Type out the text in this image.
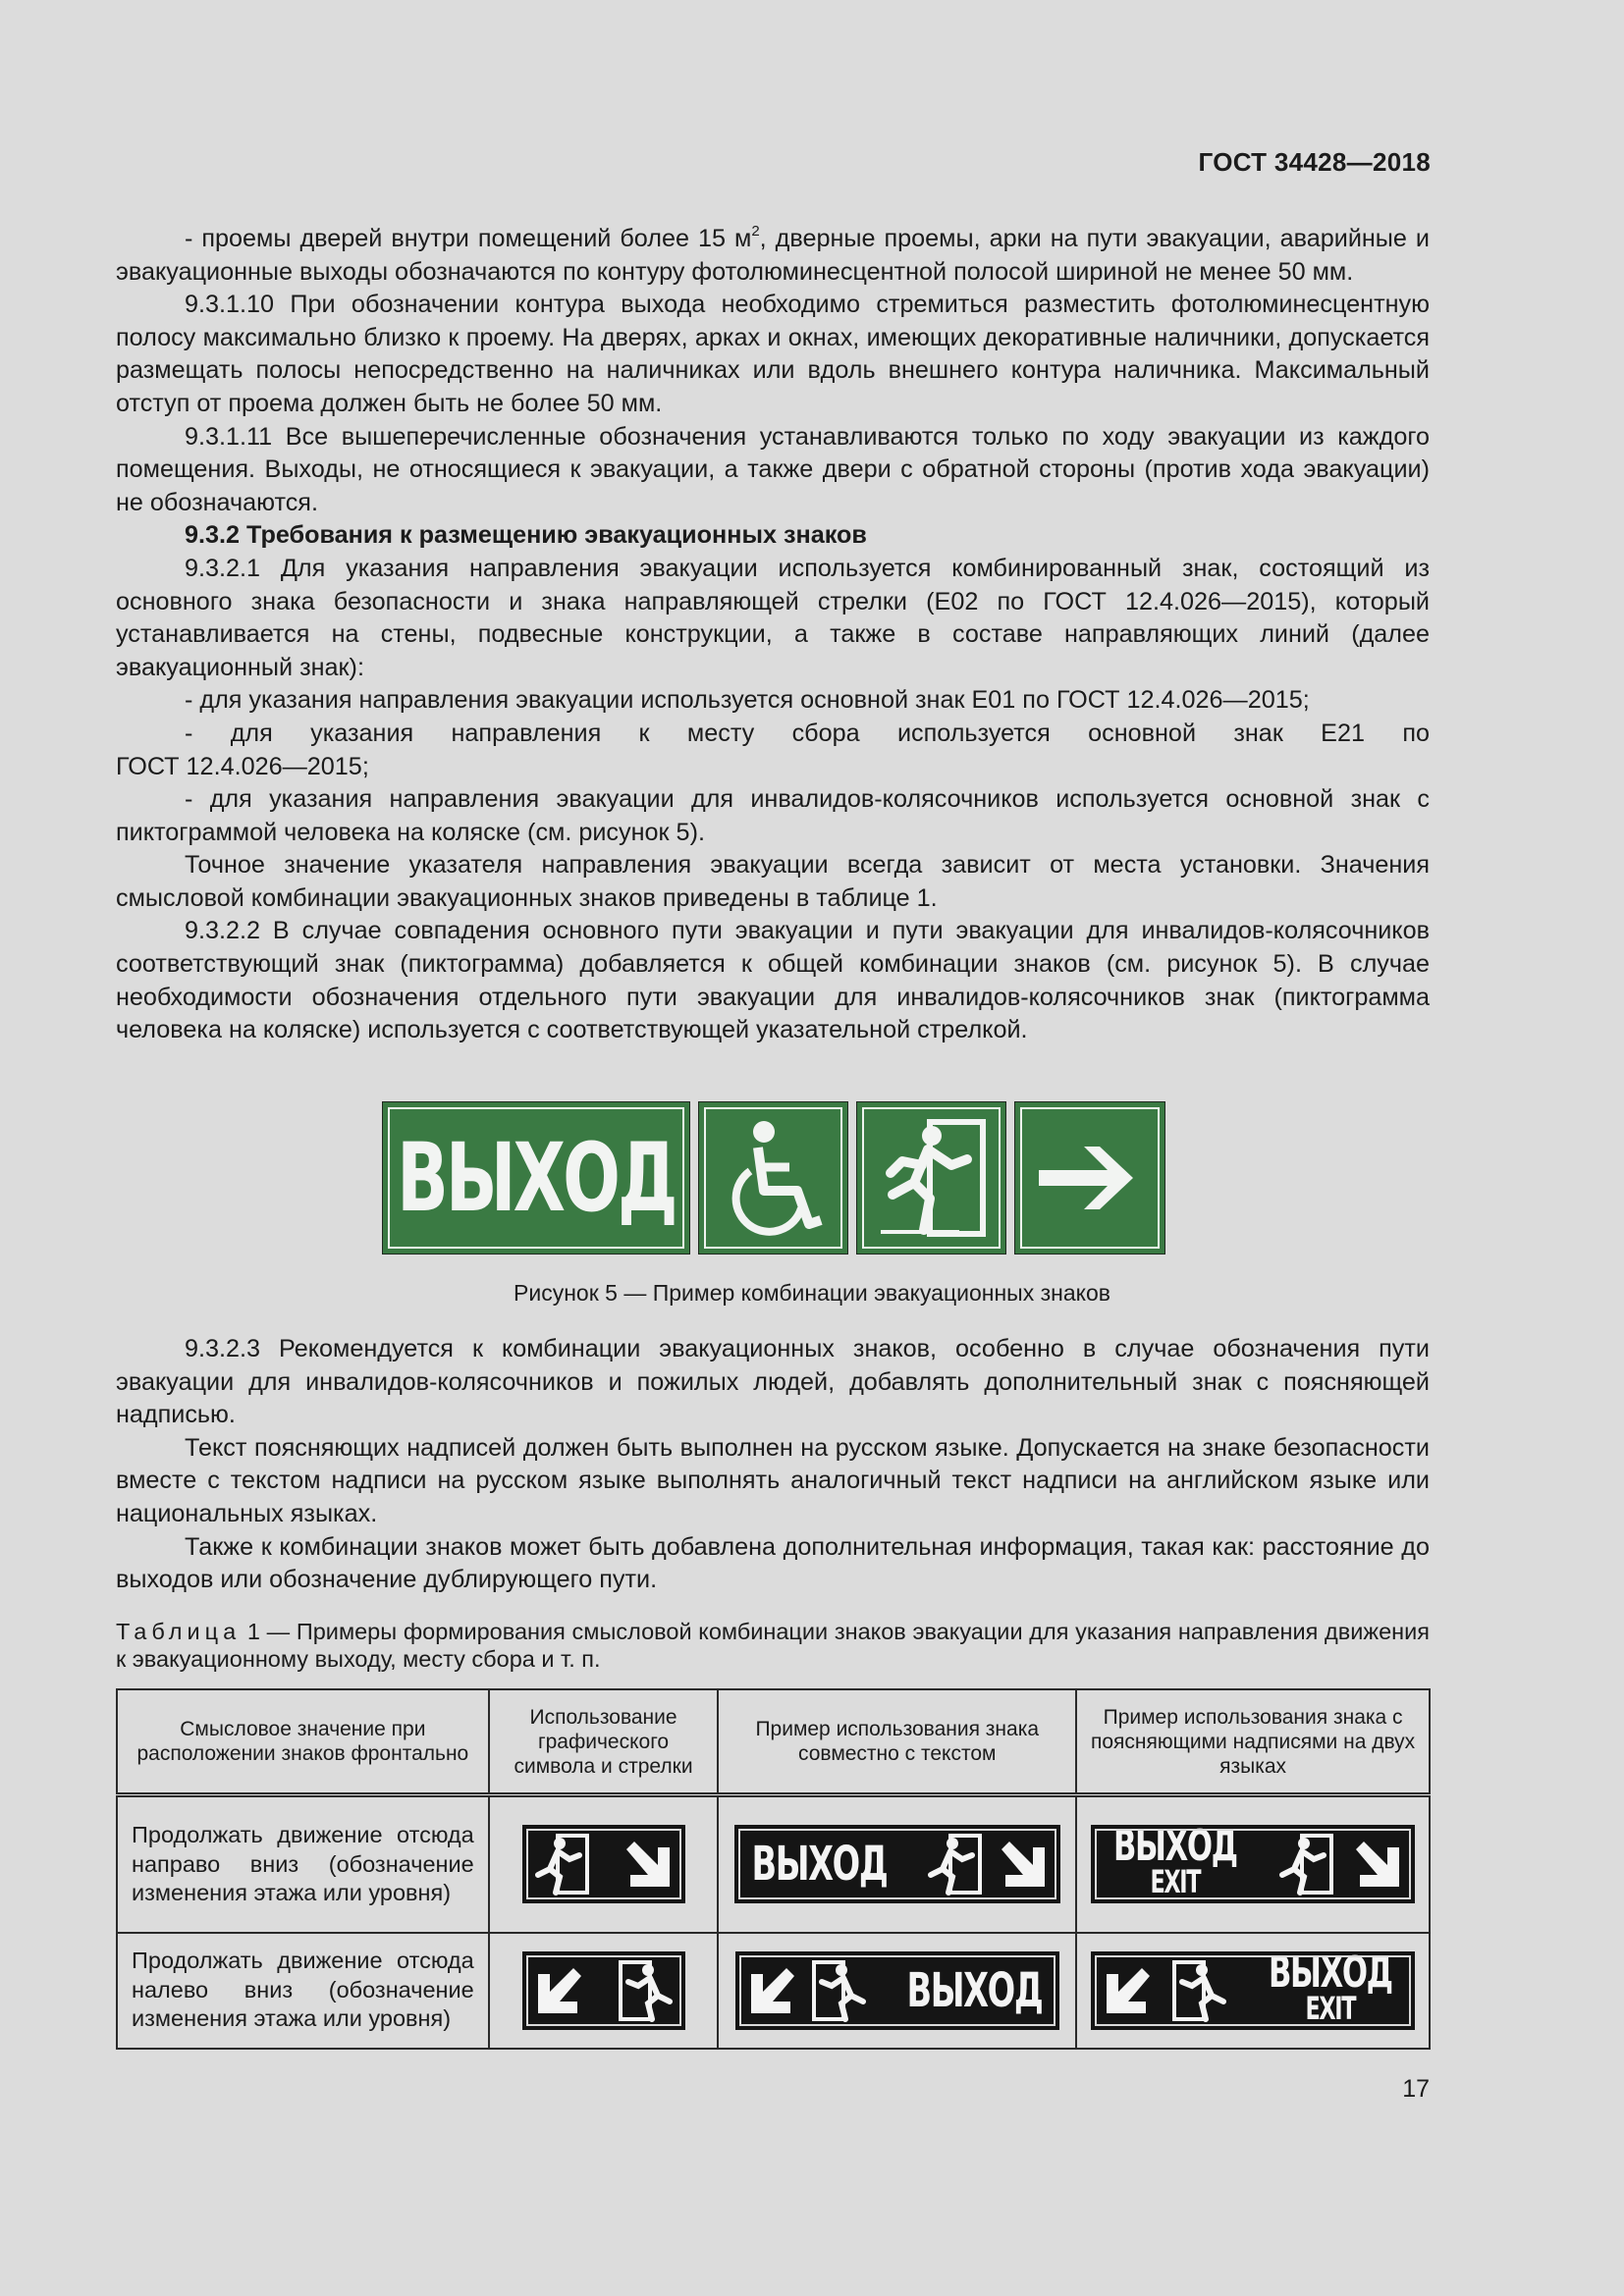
ГОСТ 34428—2018

- проемы дверей внутри помещений более 15 $м^2$, дверные проемы, арки на пути эвакуации, аварийные и эвакуационные выходы обозначаются по контуру фотолюминесцентной полосой шириной не менее 50 мм.

9.3.1.10 При обозначении контура выхода необходимо стремиться разместить фотолюминесцентную полосу максимально близко к проему. На дверях, арках и окнах, имеющих декоративные наличники, допускается размещать полосы непосредственно на наличниках или вдоль внешнего контура наличника. Максимальный отступ от проема должен быть не более 50 мм.

9.3.1.11 Все вышеперечисленные обозначения устанавливаются только по ходу эвакуации из каждого помещения. Выходы, не относящиеся к эвакуации, а также двери с обратной стороны (против хода эвакуации) не обозначаются.

9.3.2 Требования к размещению эвакуационных знаков

9.3.2.1 Для указания направления эвакуации используется комбинированный знак, состоящий из основного знака безопасности и знака направляющей стрелки (Е02 по ГОСТ 12.4.026—2015), который устанавливается на стены, подвесные конструкции, а также в составе направляющих линий (далее эвакуационный знак):

- для указания направления эвакуации используется основной знак Е01 по ГОСТ 12.4.026—2015;

- для указания направления к месту сбора используется основной знак Е21 по

ГОСТ 12.4.026—2015;

- для указания направления эвакуации для инвалидов-колясочников используется основной знак с пиктограммой человека на коляске (см. рисунок 5).

Точное значение указателя направления эвакуации всегда зависит от места установки. Значения смысловой комбинации эвакуационных знаков приведены в таблице 1.

9.3.2.2 В случае совпадения основного пути эвакуации и пути эвакуации для инвалидов-колясочников соответствующий знак (пиктограмма) добавляется к общей комбинации знаков (см. рисунок 5). В случае необходимости обозначения отдельного пути эвакуации для инвалидов-колясочников знак (пиктограмма человека на коляске) используется с соответствующей указательной стрелкой.

ВЫХОД
Рисунок 5 — Пример комбинации эвакуационных знаков

9.3.2.3 Рекомендуется к комбинации эвакуационных знаков, особенно в случае обозначения пути эвакуации для инвалидов-колясочников и пожилых людей, добавлять дополнительный знак с поясняющей надписью.

Текст поясняющих надписей должен быть выполнен на русском языке. Допускается на знаке безопасности вместе с текстом надписи на русском языке выполнять аналогичный текст надписи на английском языке или национальных языках.

Также к комбинации знаков может быть добавлена дополнительная информация, такая как: расстояние до выходов или обозначение дублирующего пути.

Таблица 1 — Примеры формирования смысловой комбинации знаков эвакуации для указания направления движения к эвакуационному выходу, месту сбора и т. п.
Смысловое значение при расположении знаков фронтально	Использование графического символа и стрелки	Пример использования знака совместно с текстом	Пример использования знака с поясняющими надписями на двух языках
Продолжать движение отсюда направо вниз (обозначение изменения этажа или уровня)		ВЫХОД	ВЫХОД
EXIT

Продолжать движение отсюда налево вниз (обозначение изменения этажа или уровня)		ВЫХОД	ВЫХОД
EXIT
17
